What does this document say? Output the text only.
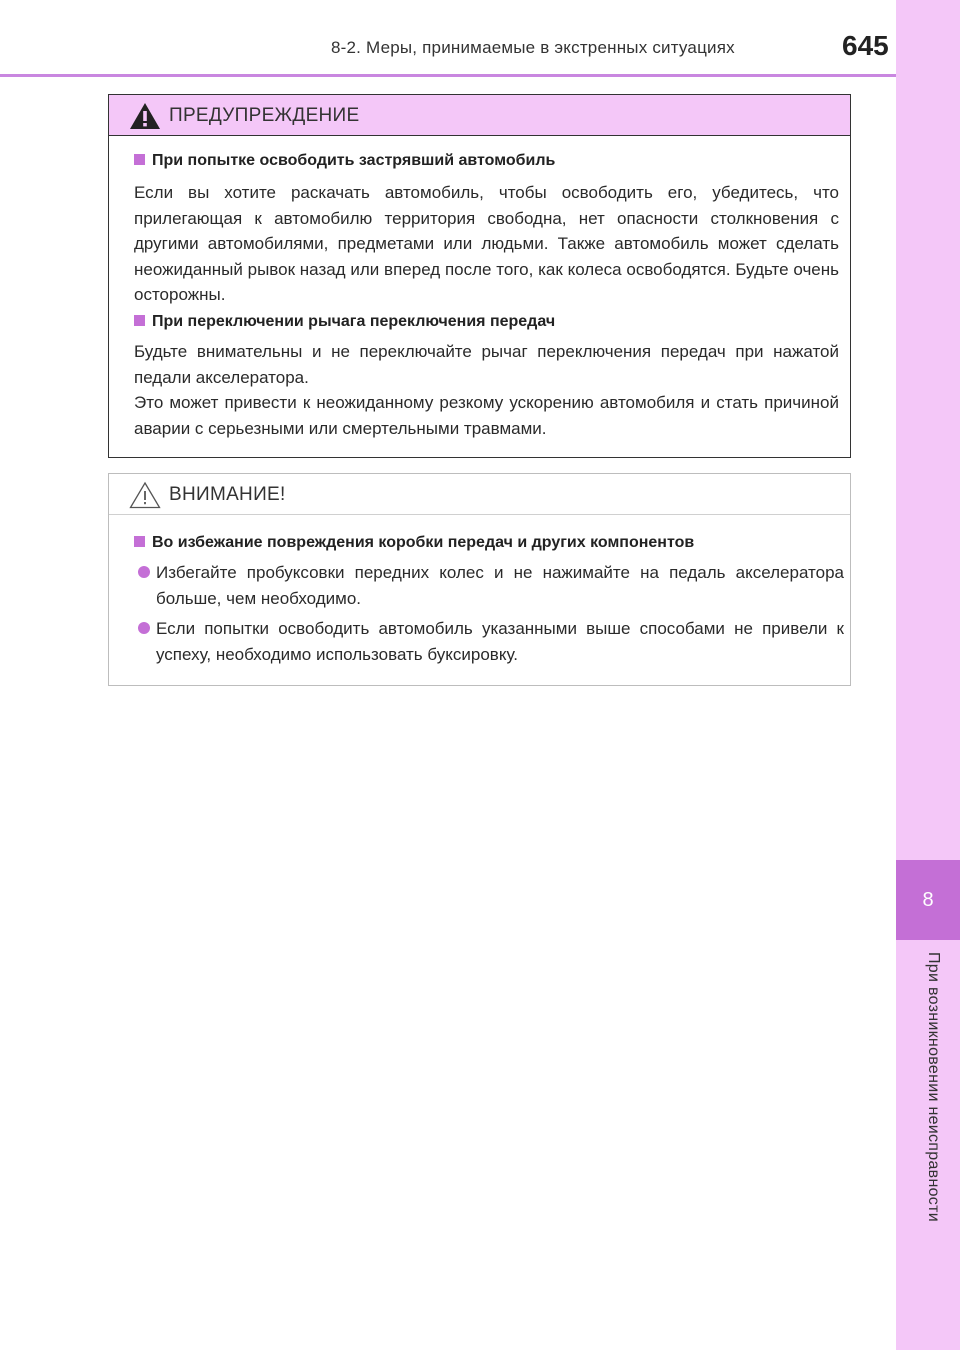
8-2. Меры, принимаемые в экстренных ситуациях	645
8
При возникновении неисправности
ПРЕДУПРЕЖДЕНИЕ
При попытке освободить застрявший автомобиль
Если вы хотите раскачать автомобиль, чтобы освободить его, убедитесь, что прилегающая к автомобилю территория свободна, нет опасности столкновения с другими автомобилями, предметами или людьми. Также автомобиль может сделать неожиданный рывок назад или вперед после того, как колеса освободятся. Будьте очень осторожны.
При переключении рычага переключения передач
Будьте внимательны и не переключайте рычаг переключения передач при нажатой педали акселератора.
Это может привести к неожиданному резкому ускорению автомобиля и стать причиной аварии с серьезными или смертельными травмами.
ВНИМАНИЕ!
Во избежание повреждения коробки передач и других компонентов
Избегайте пробуксовки передних колес и не нажимайте на педаль акселератора больше, чем необходимо.
Если попытки освободить автомобиль указанными выше способами не привели к успеху, необходимо использовать буксировку.
